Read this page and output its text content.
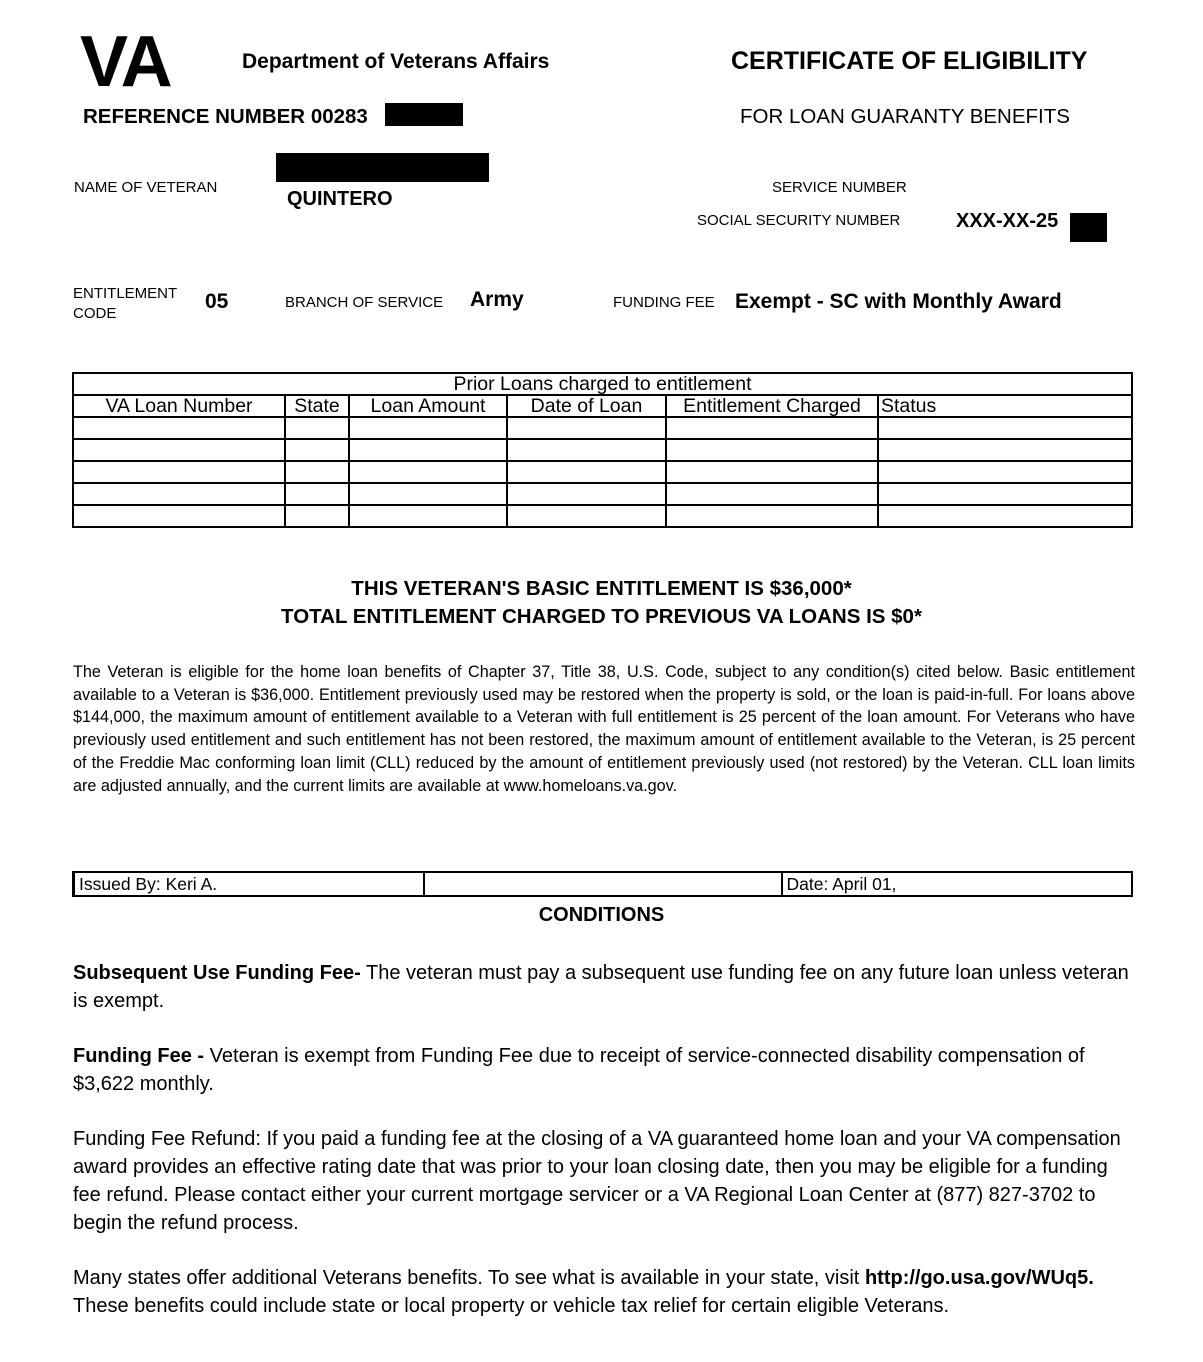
VA	Department of Veterans Affairs	CERTIFICATE OF ELIGIBILITY
FOR LOAN GUARANTY BENEFITS
REFERENCE NUMBER 00283
NAME OF VETERAN
QUINTERO
SERVICE NUMBER
SOCIAL SECURITY NUMBER	XXX-XX-25
ENTITLEMENT CODE
05	BRANCH OF SERVICE Army	FUNDING FEE Exempt - SC with Monthly Award
Prior Loans charged to entitlement					
VA Loan Number	State	Loan Amount	Date of Loan	Entitlement Charged	Status

THIS VETERAN'S BASIC ENTITLEMENT IS $36,000*
TOTAL ENTITLEMENT CHARGED TO PREVIOUS VA LOANS IS $0*
The Veteran is eligible for the home loan benefits of Chapter 37, Title 38, U.S. Code, subject to any condition(s) cited below. Basic entitlement available to a Veteran is $36,000. Entitlement previously used may be restored when the property is sold, or the loan is paid-in-full. For loans above $144,000, the maximum amount of entitlement available to a Veteran with full entitlement is 25 percent of the loan amount. For Veterans who have previously used entitlement and such entitlement has not been restored, the maximum amount of entitlement available to the Veteran, is 25 percent of the Freddie Mac conforming loan limit (CLL) reduced by the amount of entitlement previously used (not restored) by the Veteran. CLL loan limits are adjusted annually, and the current limits are available at www.homeloans.va.gov.
Issued By: Keri A.		Date: April 01,
CONDITIONS
Subsequent Use Funding Fee- The veteran must pay a subsequent use funding fee on any future loan unless veteran is exempt.
Funding Fee - Veteran is exempt from Funding Fee due to receipt of service-connected disability compensation of $3,622 monthly.
Funding Fee Refund: If you paid a funding fee at the closing of a VA guaranteed home loan and your VA compensation award provides an effective rating date that was prior to your loan closing date, then you may be eligible for a funding fee refund. Please contact either your current mortgage servicer or a VA Regional Loan Center at (877) 827-3702 to begin the refund process.
Many states offer additional Veterans benefits. To see what is available in your state, visit http://go.usa.gov/WUq5. These benefits could include state or local property or vehicle tax relief for certain eligible Veterans.
